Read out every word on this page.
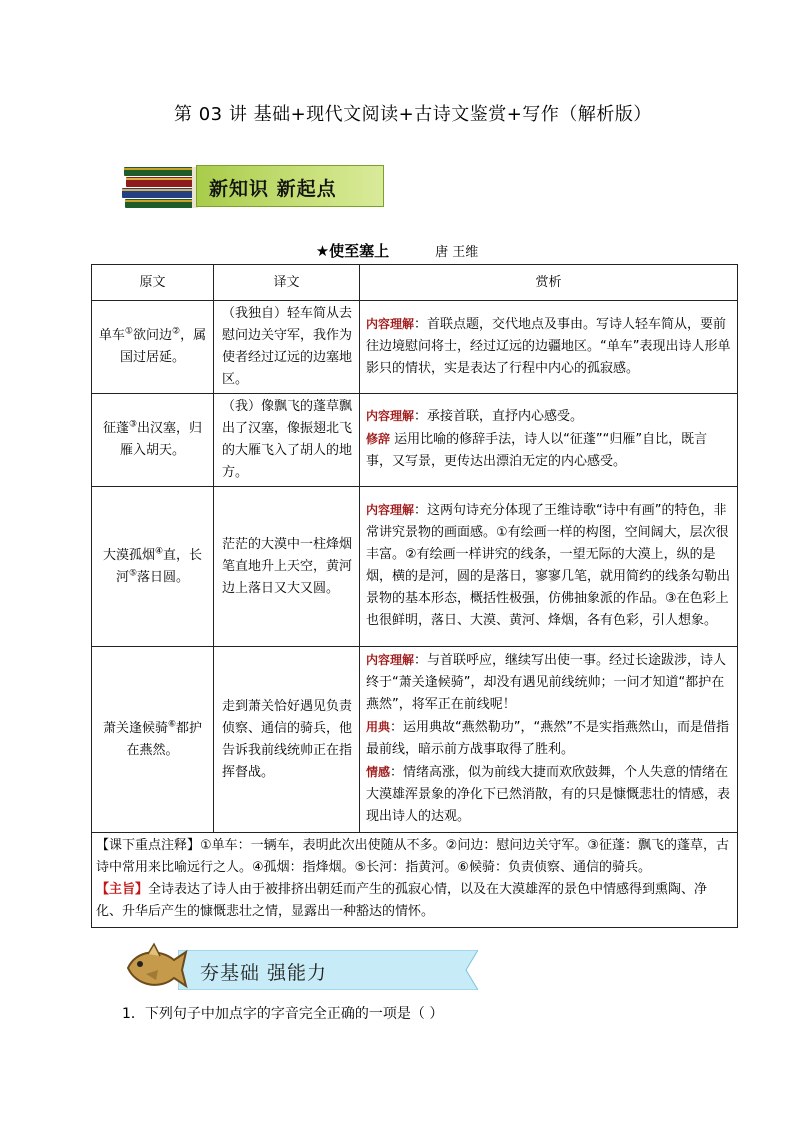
第 03 讲 基础+现代文阅读+古诗文鉴赏+写作（解析版）
新知识 新起点
★使至塞上	唐 王维
原文	译文	赏析
单车①欲问边②，属国过居延。	（我独自）轻车简从去慰问边关守军，我作为使者经过辽远的边塞地区。	内容理解：首联点题，交代地点及事由。写诗人轻车简从，要前往边境慰问将士，经过辽远的边疆地区。“单车”表现出诗人形单影只的情状，实是表达了行程中内心的孤寂感。
征蓬③出汉塞，归雁入胡天。	（我）像飘飞的蓬草飘出了汉塞，像振翅北飞的大雁飞入了胡人的地方。	内容理解：承接首联，直抒内心感受。
修辞 运用比喻的修辞手法，诗人以“征蓬”“归雁”自比，既言事，又写景，更传达出漂泊无定的内心感受。
大漠孤烟④直，长河⑤落日圆。	茫茫的大漠中一柱烽烟笔直地升上天空，黄河边上落日又大又圆。	内容理解：这两句诗充分体现了王维诗歌“诗中有画”的特色，非常讲究景物的画面感。①有绘画一样的构图，空间阔大，层次很丰富。②有绘画一样讲究的线条，一望无际的大漠上，纵的是烟，横的是河，圆的是落日，寥寥几笔，就用简约的线条勾勒出景物的基本形态，概括性极强，仿佛抽象派的作品。③在色彩上也很鲜明，落日、大漠、黄河、烽烟，各有色彩，引人想象。
萧关逢候骑⑥都护在燕然。	走到萧关恰好遇见负责侦察、通信的骑兵，他告诉我前线统帅正在指挥督战。	内容理解：与首联呼应，继续写出使一事。经过长途跋涉，诗人终于“萧关逢候骑”，却没有遇见前线统帅；一问才知道“都护在燕然”，将军正在前线呢！
用典：运用典故“燕然勒功”，“燕然”不是实指燕然山，而是借指最前线，暗示前方战事取得了胜利。
情感：情绪高涨，似为前线大捷而欢欣鼓舞，个人失意的情绪在大漠雄浑景象的净化下已然消散，有的只是慷慨悲壮的情感，表现出诗人的达观。
【课下重点注释】①单车：一辆车，表明此次出使随从不多。②问边：慰问边关守军。③征蓬：飘飞的蓬草，古诗中常用来比喻远行之人。④孤烟：指烽烟。⑤长河：指黄河。⑥候骑：负责侦察、通信的骑兵。
【主旨】全诗表达了诗人由于被排挤出朝廷而产生的孤寂心情，以及在大漠雄浑的景色中情感得到熏陶、净化、升华后产生的慷慨悲壮之情，显露出一种豁达的情怀。		
夯基础 强能力
1．下列句子中加点字的字音完全正确的一项是（ ）
